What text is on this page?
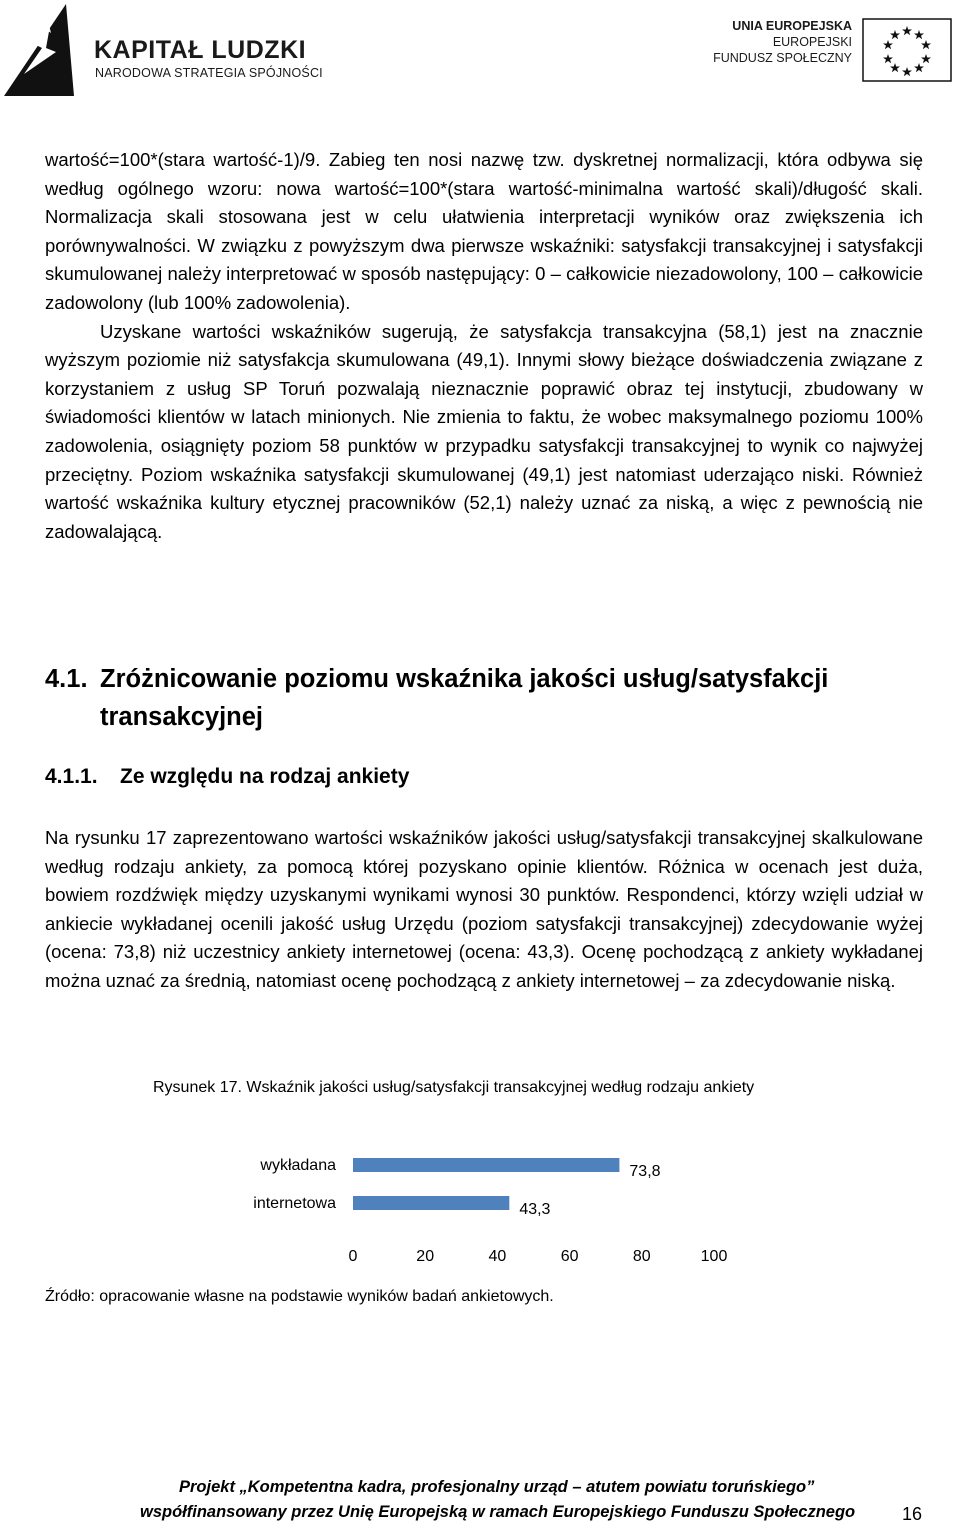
KAPITAŁ LUDZKI
NARODOWA STRATEGIA SPÓJNOŚCI
UNIA EUROPEJSKA
EUROPEJSKI
FUNDUSZ SPOŁECZNY

wartość=100*(stara wartość-1)/9. Zabieg ten nosi nazwę tzw. dyskretnej normalizacji, która odbywa się według ogólnego wzoru: nowa wartość=100*(stara wartość-minimalna wartość skali)/długość skali. Normalizacja skali stosowana jest w celu ułatwienia interpretacji wyników oraz zwiększenia ich porównywalności. W związku z powyższym dwa pierwsze wskaźniki: satysfakcji transakcyjnej i satysfakcji skumulowanej należy interpretować w sposób następujący: 0 – całkowicie niezadowolony, 100 – całkowicie zadowolony (lub 100% zadowolenia).

Uzyskane wartości wskaźników sugerują, że satysfakcja transakcyjna (58,1) jest na znacznie wyższym poziomie niż satysfakcja skumulowana (49,1). Innymi słowy bieżące doświadczenia związane z korzystaniem z usług SP Toruń pozwalają nieznacznie poprawić obraz tej instytucji, zbudowany w świadomości klientów w latach minionych. Nie zmienia to faktu, że wobec maksymalnego poziomu 100% zadowolenia, osiągnięty poziom 58 punktów w przypadku satysfakcji transakcyjnej to wynik co najwyżej przeciętny. Poziom wskaźnika satysfakcji skumulowanej (49,1) jest natomiast uderzająco niski. Również wartość wskaźnika kultury etycznej pracowników (52,1) należy uznać za niską, a więc z pewnością nie zadowalającą.

4.1. Zróżnicowanie poziomu wskaźnika jakości usług/satysfakcji
transakcyjnej
4.1.1. Ze względu na rodzaj ankiety

Na rysunku 17 zaprezentowano wartości wskaźników jakości usług/satysfakcji transakcyjnej skalkulowane według rodzaju ankiety, za pomocą której pozyskano opinie klientów. Różnica w ocenach jest duża, bowiem rozdźwięk między uzyskanymi wynikami wynosi 30 punktów. Respondenci, którzy wzięli udział w ankiecie wykładanej ocenili jakość usług Urzędu (poziom satysfakcji transakcyjnej) zdecydowanie wyżej (ocena: 73,8) niż uczestnicy ankiety internetowej (ocena: 43,3). Ocenę pochodzącą z ankiety wykładanej można uznać za średnią, natomiast ocenę pochodzącą z ankiety internetowej – za zdecydowanie niską.

Rysunek 17. Wskaźnik jakości usług/satysfakcji transakcyjnej według rodzaju ankiety
wykładana	73,8
internetowa	43,3
0	20	40	60	80	100
Źródło: opracowanie własne na podstawie wyników badań ankietowych.
Projekt „Kompetentna kadra, profesjonalny urząd – atutem powiatu toruńskiego”
współfinansowany przez Unię Europejską w ramach Europejskiego Funduszu Społecznego	16
